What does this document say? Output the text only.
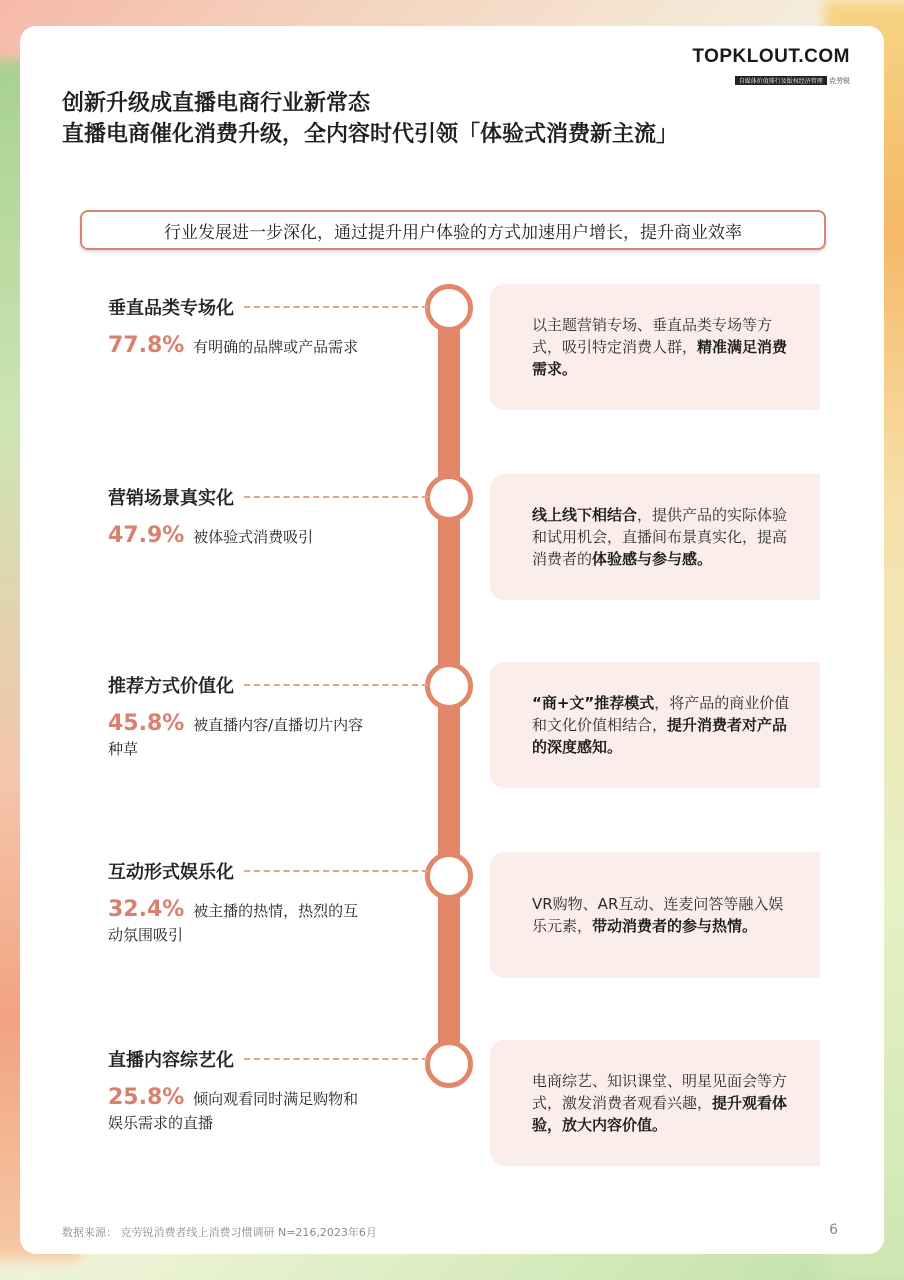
TOPKLOUT.COM
自媒体价值排行及版权经济管理 克劳锐
创新升级成直播电商行业新常态
直播电商催化消费升级，全内容时代引领「体验式消费新主流」
行业发展进一步深化，通过提升用户体验的方式加速用户增长，提升商业效率
垂直品类专场化
77.8% 有明确的品牌或产品需求

以主题营销专场、垂直品类专场等方式，吸引特定消费人群，精准满足消费需求。

营销场景真实化
47.9% 被体验式消费吸引

线上线下相结合，提供产品的实际体验和试用机会，直播间布景真实化，提高消费者的体验感与参与感。

推荐方式价值化
45.8% 被直播内容/直播切片内容种草

“商+文”推荐模式，将产品的商业价值和文化价值相结合，提升消费者对产品的深度感知。

互动形式娱乐化
32.4% 被主播的热情，热烈的互动氛围吸引

VR购物、AR互动、连麦问答等融入娱乐元素，带动消费者的参与热情。

直播内容综艺化
25.8% 倾向观看同时满足购物和娱乐需求的直播

电商综艺、知识课堂、明星见面会等方式，激发消费者观看兴趣，提升观看体验，放大内容价值。

数据来源： 克劳锐消费者线上消费习惯调研 N=216,2023年6月	6
